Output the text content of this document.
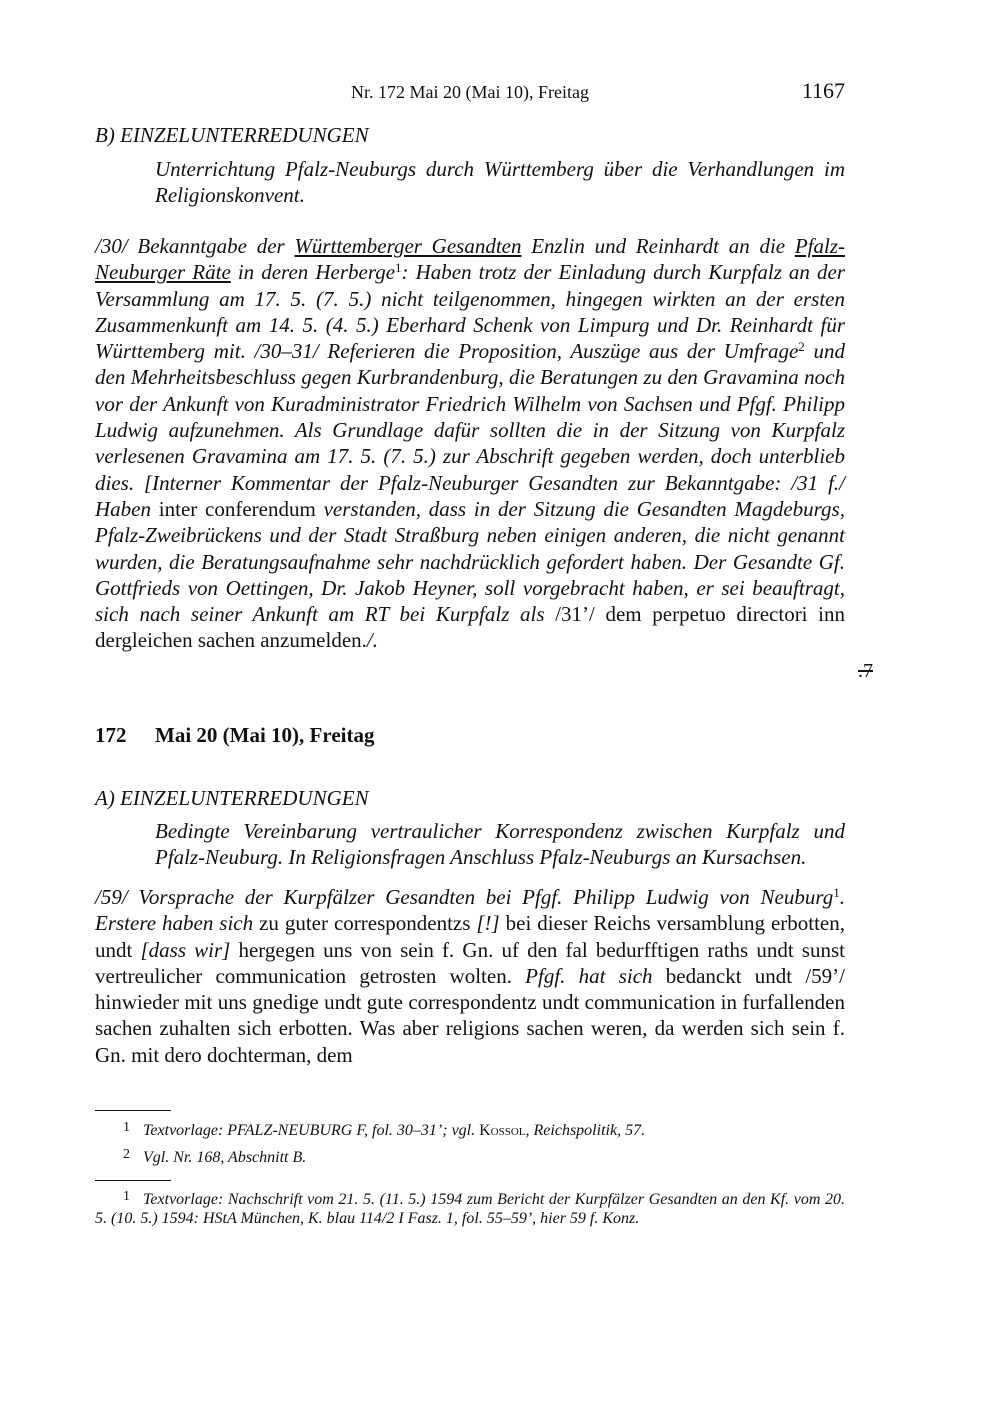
Nr. 172 Mai 20 (Mai 10), Freitag	1167
B) EINZELUNTERREDUNGEN
Unterrichtung Pfalz-Neuburgs durch Württemberg über die Verhandlungen im Religionskonvent.
/30/ Bekanntgabe der Württemberger Gesandten Enzlin und Reinhardt an die Pfalz-Neuburger Räte in deren Herberge$^1$: Haben trotz der Einladung durch Kurpfalz an der Versammlung am 17. 5. (7. 5.) nicht teilgenommen, hingegen wirkten an der ersten Zusammenkunft am 14. 5. (4. 5.) Eberhard Schenk von Limpurg und Dr. Reinhardt für Württemberg mit. /30–31/ Referieren die Proposition, Auszüge aus der Umfrage$^2$ und den Mehrheitsbeschluss gegen Kurbrandenburg, die Beratungen zu den Gravamina noch vor der Ankunft von Kuradministrator Friedrich Wilhelm von Sachsen und Pfgf. Philipp Ludwig aufzunehmen. Als Grundlage dafür sollten die in der Sitzung von Kurpfalz verlesenen Gravamina am 17. 5. (7. 5.) zur Abschrift gegeben werden, doch unterblieb dies. [Interner Kommentar der Pfalz-Neuburger Gesandten zur Bekanntgabe: /31 f./ Haben inter conferendum verstanden, dass in der Sitzung die Gesandten Magdeburgs, Pfalz-Zweibrückens und der Stadt Straßburg neben einigen anderen, die nicht genannt wurden, die Beratungsaufnahme sehr nachdrücklich gefordert haben. Der Gesandte Gf. Gottfrieds von Oettingen, Dr. Jakob Heyner, soll vorgebracht haben, er sei beauftragt, sich nach seiner Ankunft am RT bei Kurpfalz als /31’/ dem perpetuo directori inn dergleichen sachen anzumelden./.
.7
172 Mai 20 (Mai 10), Freitag
A) EINZELUNTERREDUNGEN
Bedingte Vereinbarung vertraulicher Korrespondenz zwischen Kurpfalz und Pfalz-Neuburg. In Religionsfragen Anschluss Pfalz-Neuburgs an Kursachsen.
/59/ Vorsprache der Kurpfälzer Gesandten bei Pfgf. Philipp Ludwig von Neuburg$^1$. Erstere haben sich zu guter correspondentzs [!] bei dieser Reichs versamblung erbotten, undt [dass wir] hergegen uns von sein f. Gn. uf den fal bedurfftigen raths undt sunst vertreulicher communication getrosten wolten. Pfgf. hat sich bedanckt undt /59’/ hinwieder mit uns gnedige undt gute correspondentz undt communication in furfallenden sachen zuhalten sich erbotten. Was aber religions sachen weren, da werden sich sein f. Gn. mit dero dochterman, dem
1 Textvorlage: PFALZ-NEUBURG F, fol. 30–31’; vgl. Kossol, Reichspolitik, 57.
2 Vgl. Nr. 168, Abschnitt B.
1 Textvorlage: Nachschrift vom 21. 5. (11. 5.) 1594 zum Bericht der Kurpfälzer Gesandten an den Kf. vom 20. 5. (10. 5.) 1594: HStA München, K. blau 114/2 I Fasz. 1, fol. 55–59’, hier 59 f. Konz.
